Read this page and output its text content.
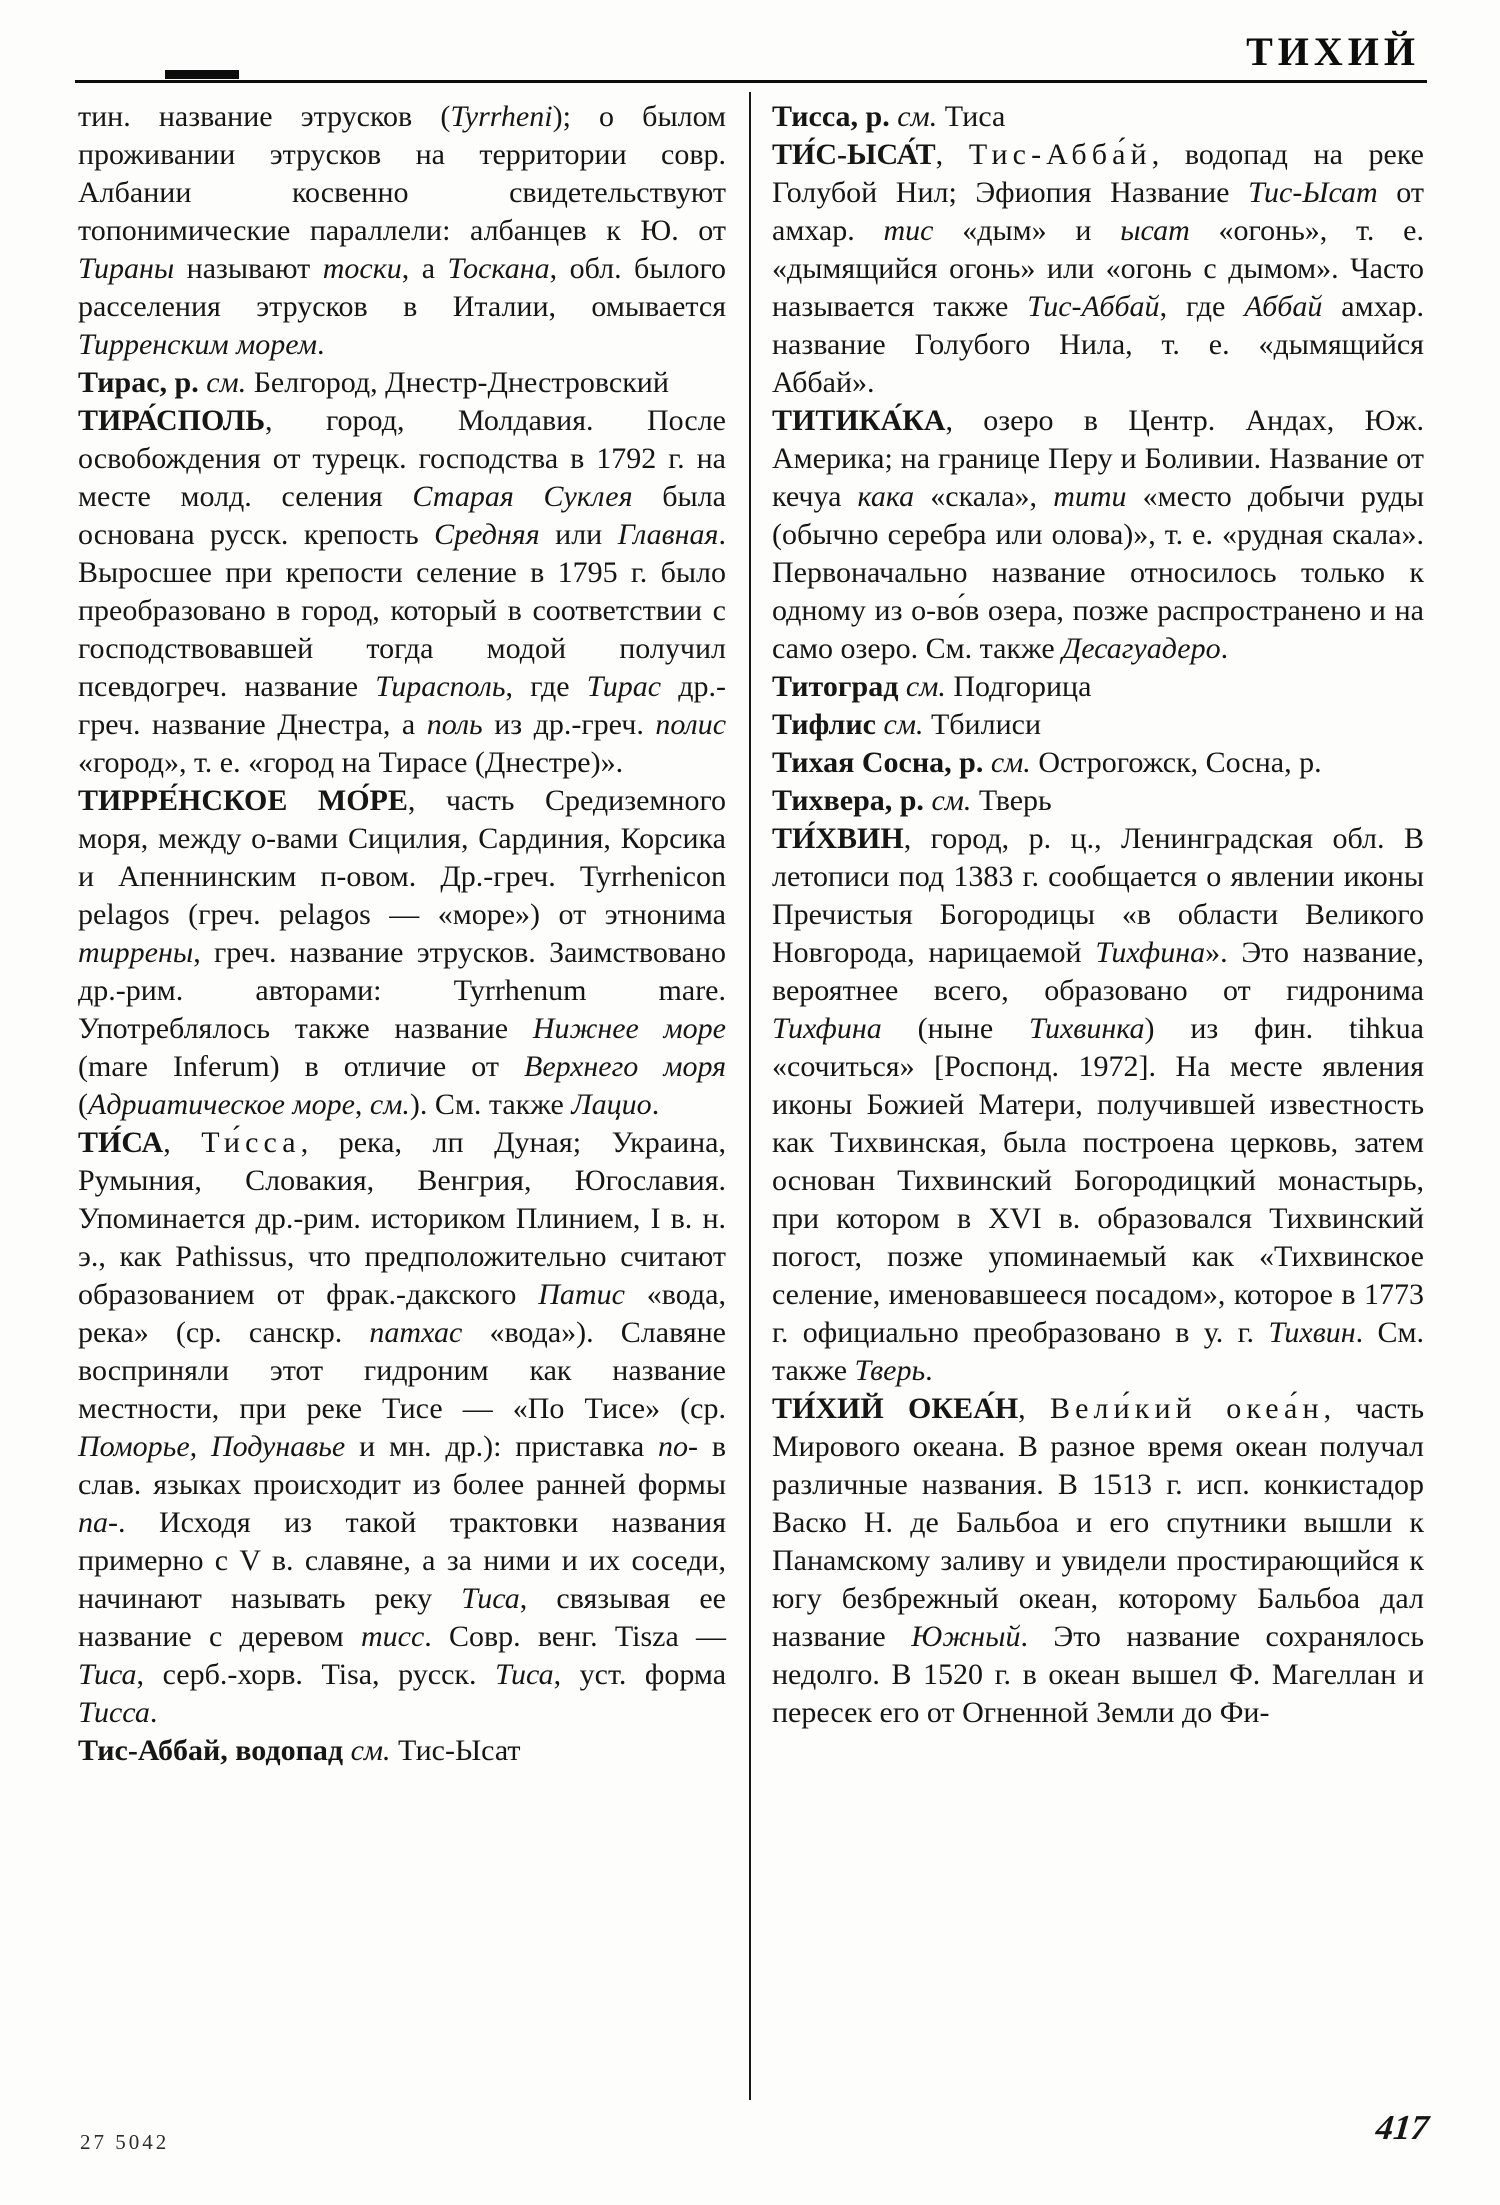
ТИХИЙ

тин. название этрусков (Tyrrheni); о былом проживании этрусков на территории совр. Албании косвенно свидетельствуют топонимические параллели: албанцев к Ю. от Тираны называют тоски, а Тоскана, обл. былого расселения этрусков в Италии, омывается Тирренским морем.

Тирас, р. см. Белгород, Днестр-Днестровский

ТИРА́СПОЛЬ, город, Молдавия. После освобождения от турецк. господства в 1792 г. на месте молд. селения Старая Суклея была основана русск. крепость Средняя или Главная. Выросшее при крепости селение в 1795 г. было преобразовано в город, который в соответствии с господствовавшей тогда модой получил псевдогреч. название Тирасполь, где Тирас др.-греч. название Днестра, а поль из др.-греч. полис «город», т. е. «город на Тирасе (Днестре)».

ТИРРЕ́НСКОЕ МО́РЕ, часть Средиземного моря, между о-вами Сицилия, Сардиния, Корсика и Апеннинским п-овом. Др.-греч. Tyrrhenicon pelagos (греч. pelagos — «море») от этнонима тиррены, греч. название этрусков. Заимствовано др.-рим. авторами: Tyrrhenum mare. Употреблялось также название Нижнее море (mare Inferum) в отличие от Верхнего моря (Адриатическое море, см.). См. также Лацио.

ТИ́СА, Ти́сса, река, лп Дуная; Украина, Румыния, Словакия, Венгрия, Югославия. Упоминается др.-рим. историком Плинием, I в. н. э., как Pathissus, что предположительно считают образованием от фрак.-дакского Патис «вода, река» (ср. санскр. патхас «вода»). Славяне восприняли этот гидроним как название местности, при реке Тисе — «По Тисе» (ср. Поморье, Подунавье и мн. др.): приставка по- в слав. языках происходит из более ранней формы па-. Исходя из такой трактовки названия примерно с V в. славяне, а за ними и их соседи, начинают называть реку Тиса, связывая ее название с деревом тисс. Совр. венг. Tisza — Тиса, серб.-хорв. Tisa, русск. Тиса, уст. форма Тисса.

Тис-Аббай, водопад см. Тис-Ысат

Тисса, р. см. Тиса

ТИ́С-ЫСА́Т, Тис-Абба́й, водопад на реке Голубой Нил; Эфиопия Название Тис-Ысат от амхар. тис «дым» и ысат «огонь», т. е. «дымящийся огонь» или «огонь с дымом». Часто называется также Тис-Аббай, где Аббай амхар. название Голубого Нила, т. е. «дымящийся Аббай».

ТИТИКА́КА, озеро в Центр. Андах, Юж. Америка; на границе Перу и Боливии. Название от кечуа кака «скала», тити «место добычи руды (обычно серебра или олова)», т. е. «рудная скала». Первоначально название относилось только к одному из о-во́в озера, позже распространено и на само озеро. См. также Десагуадеро.

Титоград см. Подгорица

Тифлис см. Тбилиси

Тихая Сосна, р. см. Острогожск, Сосна, р.

Тихвера, р. см. Тверь

ТИ́ХВИН, город, р. ц., Ленинградская обл. В летописи под 1383 г. сообщается о явлении иконы Пречистыя Богородицы «в области Великого Новгорода, нарицаемой Тихфина». Это название, вероятнее всего, образовано от гидронима Тихфина (ныне Тихвинка) из фин. tihkua «сочиться» [Роспонд. 1972]. На месте явления иконы Божией Матери, получившей известность как Тихвинская, была построена церковь, затем основан Тихвинский Богородицкий монастырь, при котором в XVI в. образовался Тихвинский погост, позже упоминаемый как «Тихвинское селение, именовавшееся посадом», которое в 1773 г. официально преобразовано в у. г. Тихвин. См. также Тверь.

ТИ́ХИЙ ОКЕА́Н, Вели́кий океа́н, часть Мирового океана. В разное время океан получал различные названия. В 1513 г. исп. конкистадор Васко Н. де Бальбоа и его спутники вышли к Панамскому заливу и увидели простирающийся к югу безбрежный океан, которому Бальбоа дал название Южный. Это название сохранялось недолго. В 1520 г. в океан вышел Ф. Магеллан и пересек его от Огненной Земли до Фи-

27 5042	417
